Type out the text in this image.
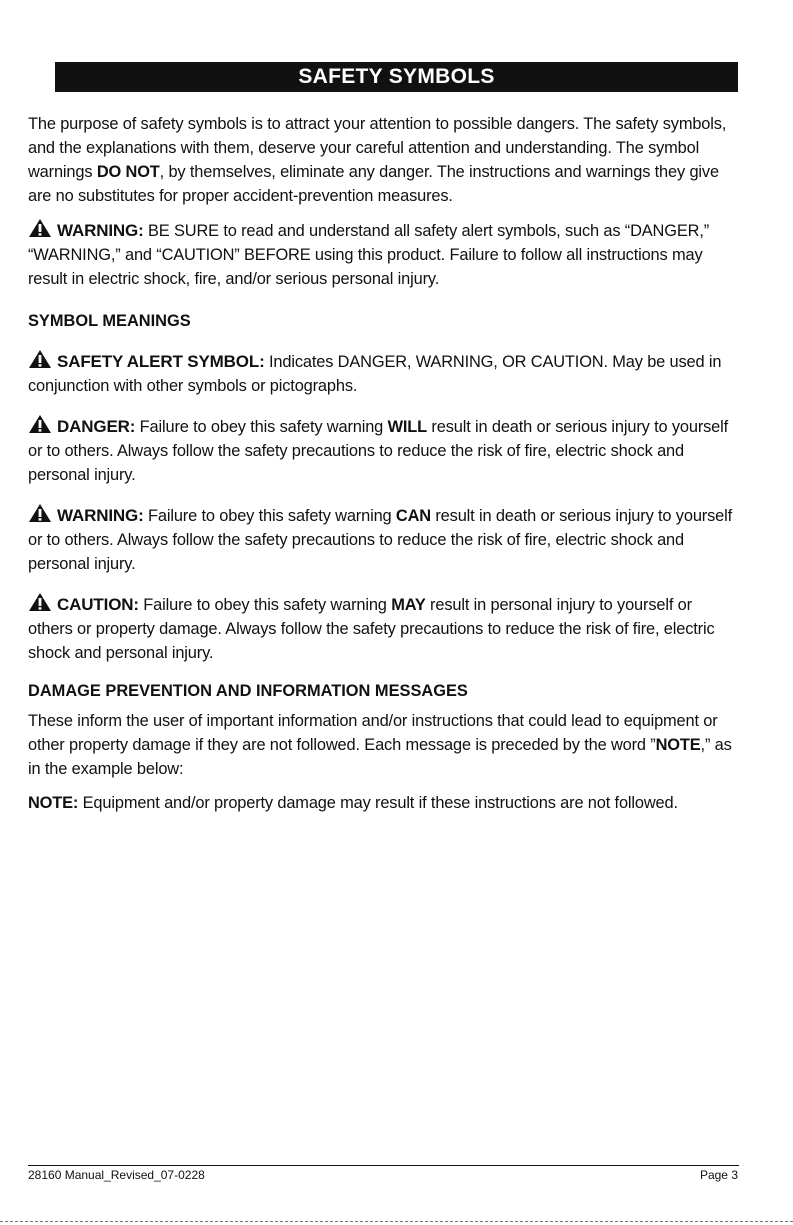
SAFETY SYMBOLS

The purpose of safety symbols is to attract your attention to possible dangers. The safety symbols, and the explanations with them, deserve your careful attention and understanding. The symbol warnings DO NOT, by themselves, eliminate any danger. The instructions and warnings they give are no substitutes for proper accident-prevention measures.

WARNING: BE SURE to read and understand all safety alert symbols, such as “DANGER,” “WARNING,” and “CAUTION” BEFORE using this product. Failure to follow all instructions may result in electric shock, fire, and/or serious personal injury.

SYMBOL MEANINGS

SAFETY ALERT SYMBOL: Indicates DANGER, WARNING, OR CAUTION. May be used in conjunction with other symbols or pictographs.

DANGER: Failure to obey this safety warning WILL result in death or serious injury to yourself or to others. Always follow the safety precautions to reduce the risk of fire, electric shock and personal injury.

WARNING: Failure to obey this safety warning CAN result in death or serious injury to yourself or to others. Always follow the safety precautions to reduce the risk of fire, electric shock and personal injury.

CAUTION: Failure to obey this safety warning MAY result in personal injury to yourself or others or property damage. Always follow the safety precautions to reduce the risk of fire, electric shock and personal injury.

DAMAGE PREVENTION AND INFORMATION MESSAGES

These inform the user of important information and/or instructions that could lead to equipment or other property damage if they are not followed. Each message is preceded by the word ”NOTE,” as in the example below:

NOTE: Equipment and/or property damage may result if these instructions are not followed.

28160 Manual_Revised_07-0228	Page 3
